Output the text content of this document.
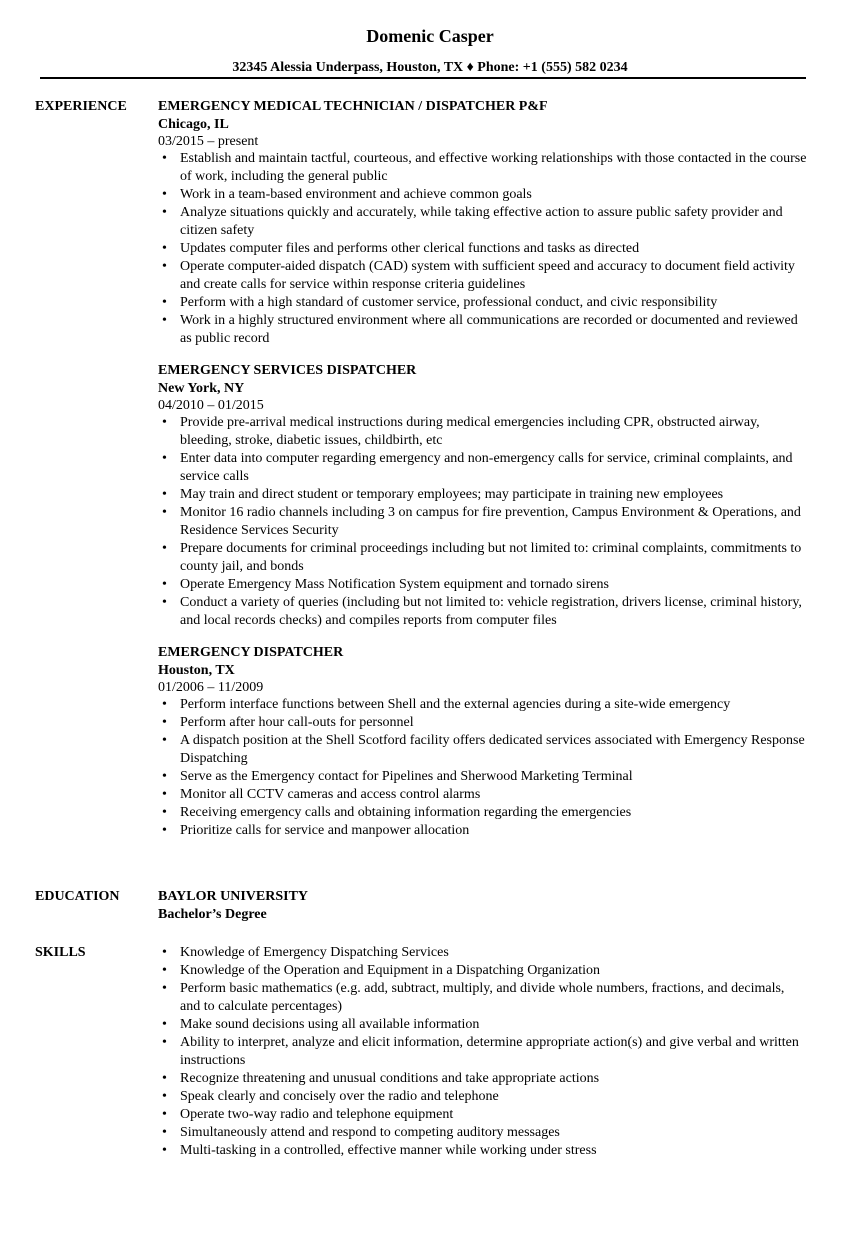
Domenic Casper
32345 Alessia Underpass, Houston, TX ♦ Phone: +1 (555) 582 0234
EXPERIENCE EMERGENCY MEDICAL TECHNICIAN / DISPATCHER P&F
Chicago, IL
03/2015 – present
• Establish and maintain tactful, courteous, and effective working relationships with those contacted in the course of work, including the general public
• Work in a team-based environment and achieve common goals
• Analyze situations quickly and accurately, while taking effective action to assure public safety provider and citizen safety
• Updates computer files and performs other clerical functions and tasks as directed
• Operate computer-aided dispatch (CAD) system with sufficient speed and accuracy to document field activity and create calls for service within response criteria guidelines
• Perform with a high standard of customer service, professional conduct, and civic responsibility
• Work in a highly structured environment where all communications are recorded or documented and reviewed as public record
EMERGENCY SERVICES DISPATCHER
New York, NY
04/2010 – 01/2015
• Provide pre-arrival medical instructions during medical emergencies including CPR, obstructed airway, bleeding, stroke, diabetic issues, childbirth, etc
• Enter data into computer regarding emergency and non-emergency calls for service, criminal complaints, and service calls
• May train and direct student or temporary employees; may participate in training new employees
• Monitor 16 radio channels including 3 on campus for fire prevention, Campus Environment & Operations, and Residence Services Security
• Prepare documents for criminal proceedings including but not limited to: criminal complaints, commitments to county jail, and bonds
• Operate Emergency Mass Notification System equipment and tornado sirens
• Conduct a variety of queries (including but not limited to: vehicle registration, drivers license, criminal history, and local records checks) and compiles reports from computer files
EMERGENCY DISPATCHER
Houston, TX
01/2006 – 11/2009
• Perform interface functions between Shell and the external agencies during a site-wide emergency
• Perform after hour call-outs for personnel
• A dispatch position at the Shell Scotford facility offers dedicated services associated with Emergency Response Dispatching
• Serve as the Emergency contact for Pipelines and Sherwood Marketing Terminal
• Monitor all CCTV cameras and access control alarms
• Receiving emergency calls and obtaining information regarding the emergencies
• Prioritize calls for service and manpower allocation
EDUCATION	BAYLOR UNIVERSITY
Bachelor’s Degree
SKILLS	• Knowledge of Emergency Dispatching Services
• Knowledge of the Operation and Equipment in a Dispatching Organization
• Perform basic mathematics (e.g. add, subtract, multiply, and divide whole numbers, fractions, and decimals, and to calculate percentages)
• Make sound decisions using all available information
• Ability to interpret, analyze and elicit information, determine appropriate action(s) and give verbal and written instructions
• Recognize threatening and unusual conditions and take appropriate actions
• Speak clearly and concisely over the radio and telephone
• Operate two-way radio and telephone equipment
• Simultaneously attend and respond to competing auditory messages
• Multi-tasking in a controlled, effective manner while working under stress
